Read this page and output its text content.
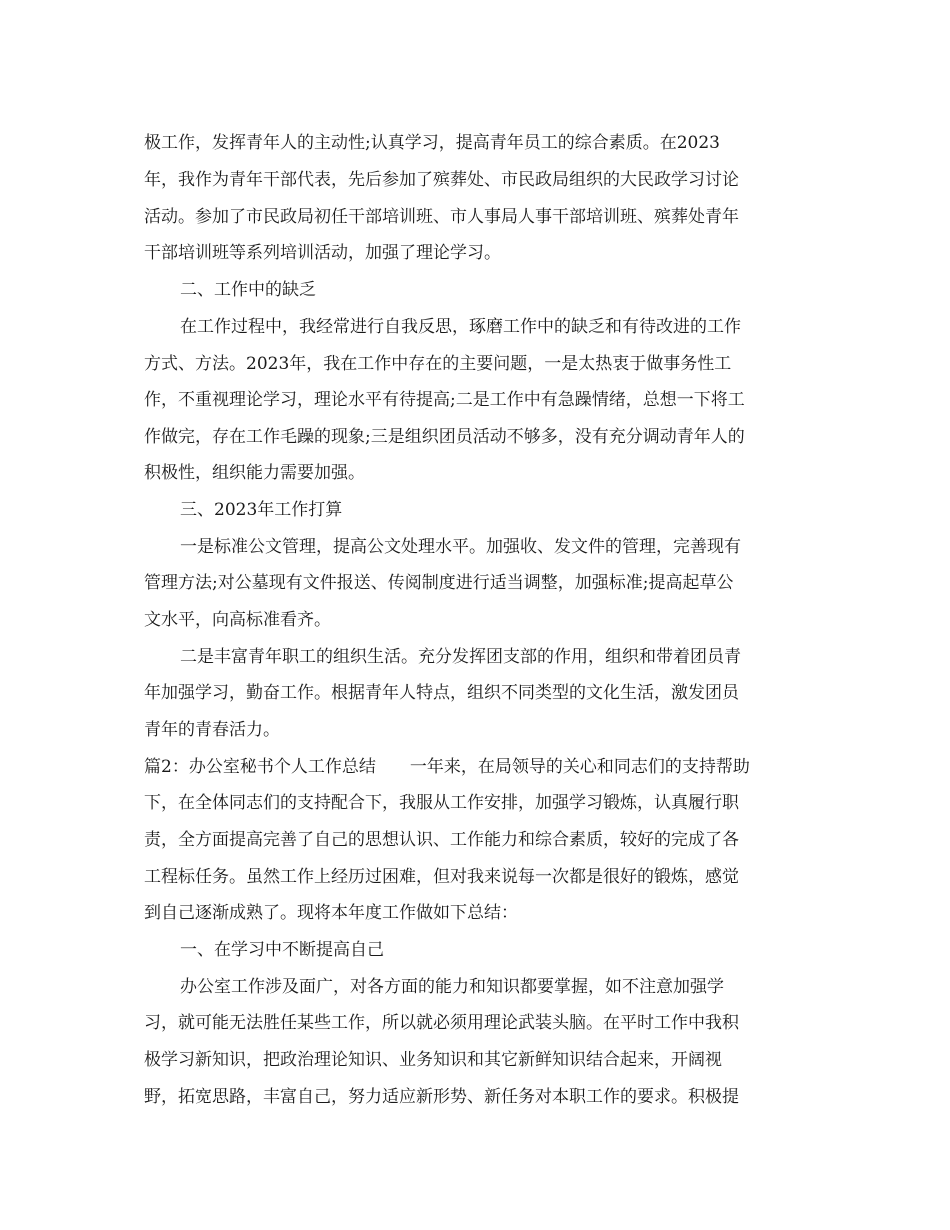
极工作，发挥青年人的主动性;认真学习，提高青年员工的综合素质。在2023
年，我作为青年干部代表，先后参加了殡葬处、市民政局组织的大民政学习讨论
活动。参加了市民政局初任干部培训班、市人事局人事干部培训班、殡葬处青年
干部培训班等系列培训活动，加强了理论学习。
二、工作中的缺乏
在工作过程中，我经常进行自我反思，琢磨工作中的缺乏和有待改进的工作
方式、方法。2023年，我在工作中存在的主要问题，一是太热衷于做事务性工
作，不重视理论学习，理论水平有待提高;二是工作中有急躁情绪，总想一下将工
作做完，存在工作毛躁的现象;三是组织团员活动不够多，没有充分调动青年人的
积极性，组织能力需要加强。
三、2023年工作打算
一是标准公文管理，提高公文处理水平。加强收、发文件的管理，完善现有
管理方法;对公墓现有文件报送、传阅制度进行适当调整，加强标准;提高起草公
文水平，向高标准看齐。
二是丰富青年职工的组织生活。充分发挥团支部的作用，组织和带着团员青
年加强学习，勤奋工作。根据青年人特点，组织不同类型的文化生活，激发团员
青年的青春活力。
篇2：办公室秘书个人工作总结　　一年来，在局领导的关心和同志们的支持帮助
下，在全体同志们的支持配合下，我服从工作安排，加强学习锻炼，认真履行职
责，全方面提高完善了自己的思想认识、工作能力和综合素质，较好的完成了各
工程标任务。虽然工作上经历过困难，但对我来说每一次都是很好的锻炼，感觉
到自己逐渐成熟了。现将本年度工作做如下总结：
一、在学习中不断提高自己
办公室工作涉及面广，对各方面的能力和知识都要掌握，如不注意加强学
习，就可能无法胜任某些工作，所以就必须用理论武装头脑。在平时工作中我积
极学习新知识，把政治理论知识、业务知识和其它新鲜知识结合起来，开阔视
野，拓宽思路，丰富自己，努力适应新形势、新任务对本职工作的要求。积极提
